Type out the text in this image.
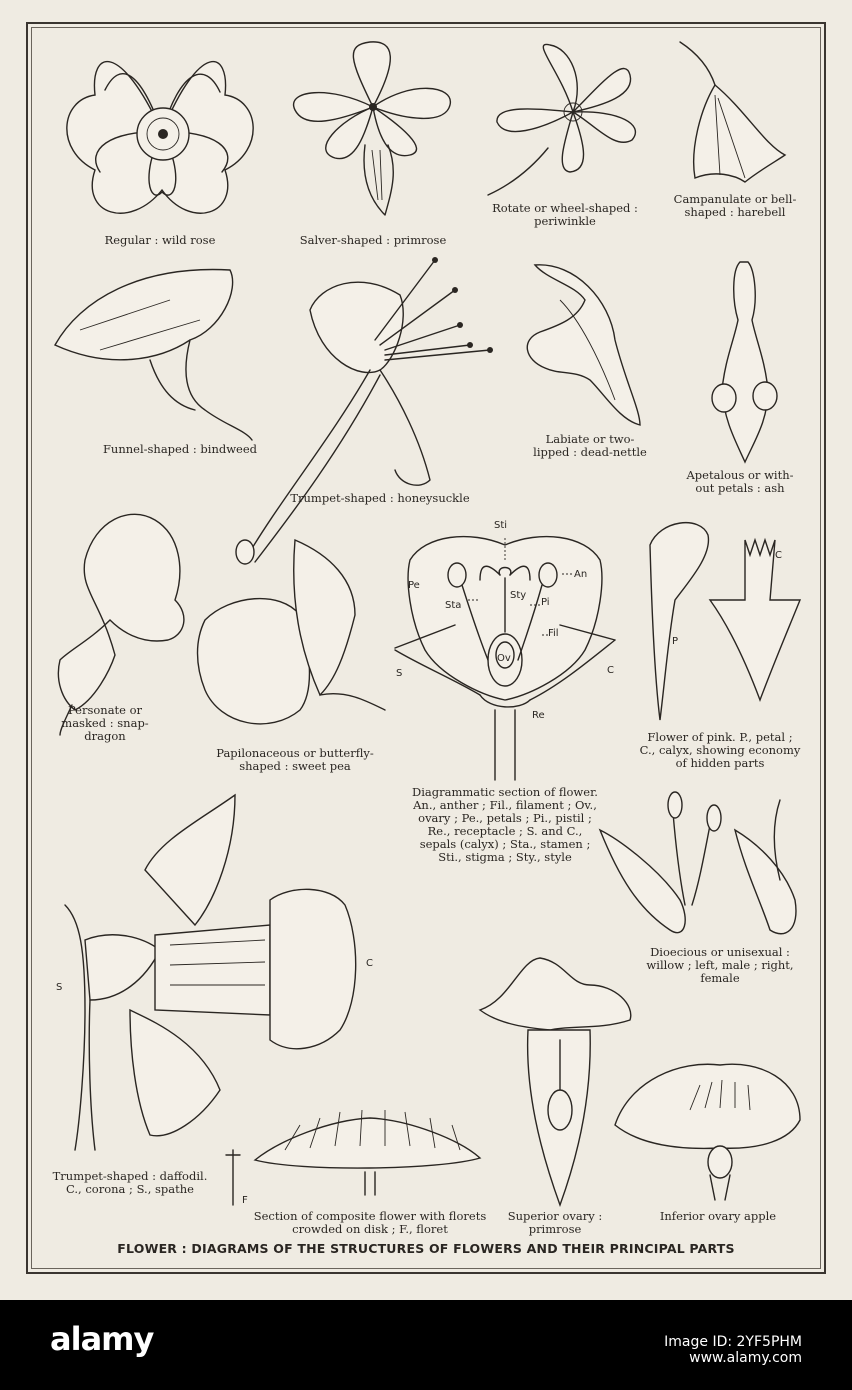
Regular : wild rose	Salver-shaped : primrose
Rotate or wheel-shaped :
periwinkle
Campanulate or bell-
shaped : harebell
Funnel-shaped : bindweed
Trumpet-shaped : honeysuckle
Labiate or two-
lipped : dead-nettle
Apetalous or with-
out petals : ash
Personate or
masked : snap-
dragon
Papilonaceous or butterfly-
shaped : sweet pea
Diagrammatic section of flower.
An., anther ; Fil., filament ; Ov.,
ovary ; Pe., petals ; Pi., pistil ;
Re., receptacle ; S. and C.,
sepals (calyx) ; Sta., stamen ;
Sti., stigma ; Sty., style
Flower of pink. P., petal ;
C., calyx, showing economy
of hidden parts
Dioecious or unisexual :
willow ; left, male ; right,
female
Trumpet-shaped : daffodil.
C., corona ; S., spathe
Section of composite flower with florets
crowded on disk ; F., floret
Superior ovary :
primrose
Inferior ovary apple
Sti
Pe
An
Sta
Sty
Pi
Fil
Ov
S	C
Re
P
C
S
C
F
FLOWER : DIAGRAMS OF THE STRUCTURES OF FLOWERS AND THEIR PRINCIPAL PARTS
alamy	Image ID: 2YF5PHM
www.alamy.com
